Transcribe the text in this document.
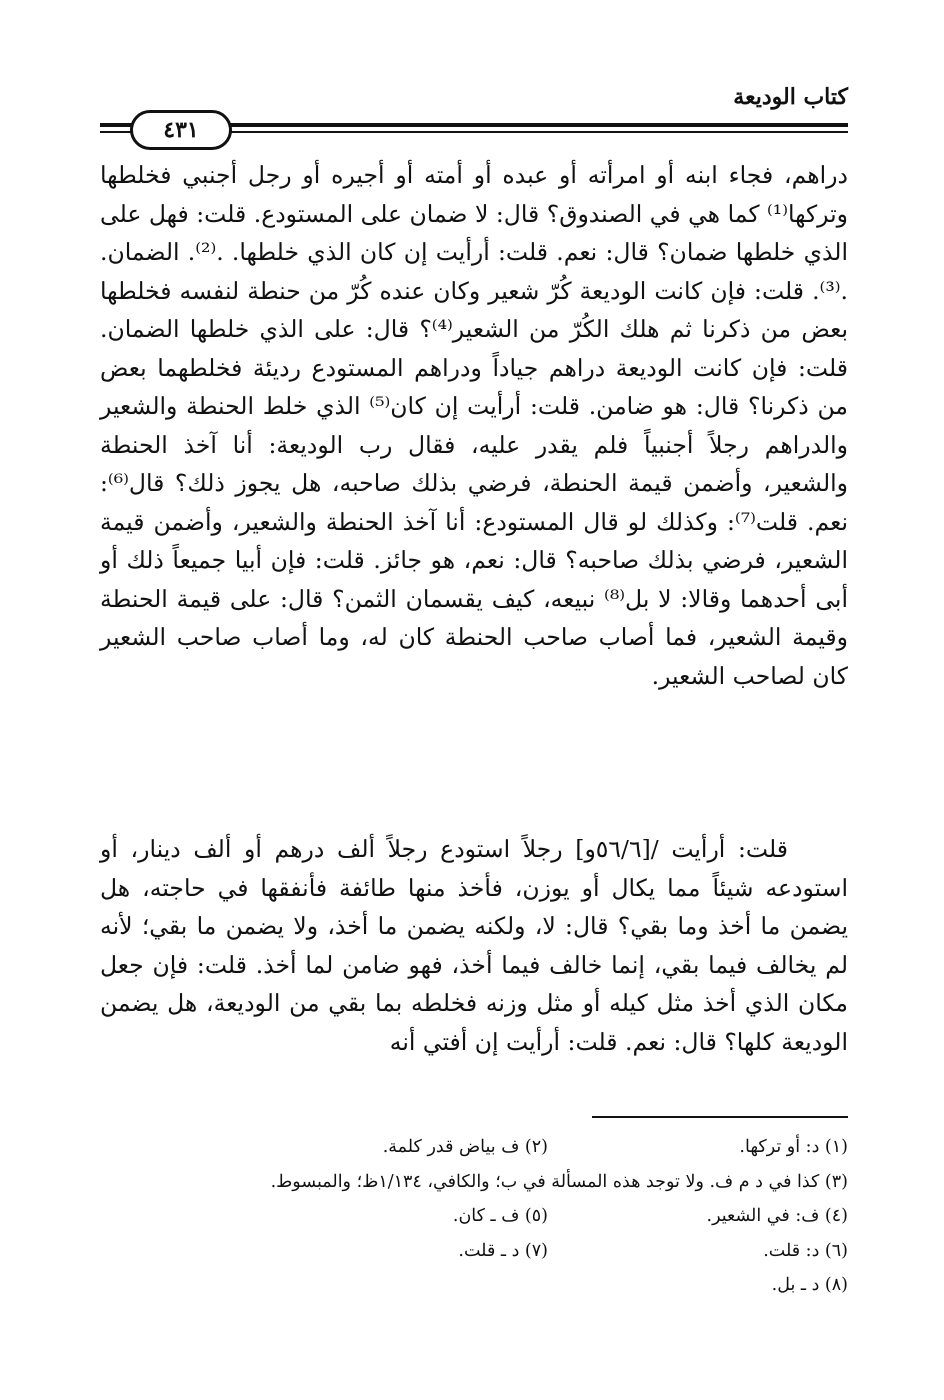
كتاب الوديعة
٤٣١
دراهم، فجاء ابنه أو امرأته أو عبده أو أمته أو أجيره أو رجل أجنبي فخلطها وتركها⁽¹⁾ كما هي في الصندوق؟ قال: لا ضمان على المستودع. قلت: فهل على الذي خلطها ضمان؟ قال: نعم. قلت: أرأيت إن كان الذي خلطها. .⁽²⁾. الضمان. .⁽³⁾. قلت: فإن كانت الوديعة كُرّ شعير وكان عنده كُرّ من حنطة لنفسه فخلطها بعض من ذكرنا ثم هلك الكُرّ من الشعير⁽⁴⁾؟ قال: على الذي خلطها الضمان. قلت: فإن كانت الوديعة دراهم جياداً ودراهم المستودع رديئة فخلطهما بعض من ذكرنا؟ قال: هو ضامن. قلت: أرأيت إن كان⁽⁵⁾ الذي خلط الحنطة والشعير والدراهم رجلاً أجنبياً فلم يقدر عليه، فقال رب الوديعة: أنا آخذ الحنطة والشعير، وأضمن قيمة الحنطة، فرضي بذلك صاحبه، هل يجوز ذلك؟ قال⁽⁶⁾: نعم. قلت⁽⁷⁾: وكذلك لو قال المستودع: أنا آخذ الحنطة والشعير، وأضمن قيمة الشعير، فرضي بذلك صاحبه؟ قال: نعم، هو جائز. قلت: فإن أبيا جميعاً ذلك أو أبى أحدهما وقالا: لا بل⁽⁸⁾ نبيعه، كيف يقسمان الثمن؟ قال: على قيمة الحنطة وقيمة الشعير، فما أصاب صاحب الحنطة كان له، وما أصاب صاحب الشعير كان لصاحب الشعير.
قلت: أرأيت /[٥٦/٦و] رجلاً استودع رجلاً ألف درهم أو ألف دينار، أو استودعه شيئاً مما يكال أو يوزن، فأخذ منها طائفة فأنفقها في حاجته، هل يضمن ما أخذ وما بقي؟ قال: لا، ولكنه يضمن ما أخذ، ولا يضمن ما بقي؛ لأنه لم يخالف فيما بقي، إنما خالف فيما أخذ، فهو ضامن لما أخذ. قلت: فإن جعل مكان الذي أخذ مثل كيله أو مثل وزنه فخلطه بما بقي من الوديعة، هل يضمن الوديعة كلها؟ قال: نعم. قلت: أرأيت إن أفتي أنه
(١) د: أو تركها.
(٢) ف بياض قدر كلمة.
(٣) كذا في د م ف. ولا توجد هذه المسألة في ب؛ والكافي، ١/١٣٤ظ؛ والمبسوط.
(٤) ف: في الشعير.
(٥) ف ـ كان.
(٦) د: قلت.
(٧) د ـ قلت.
(٨) د ـ بل.
